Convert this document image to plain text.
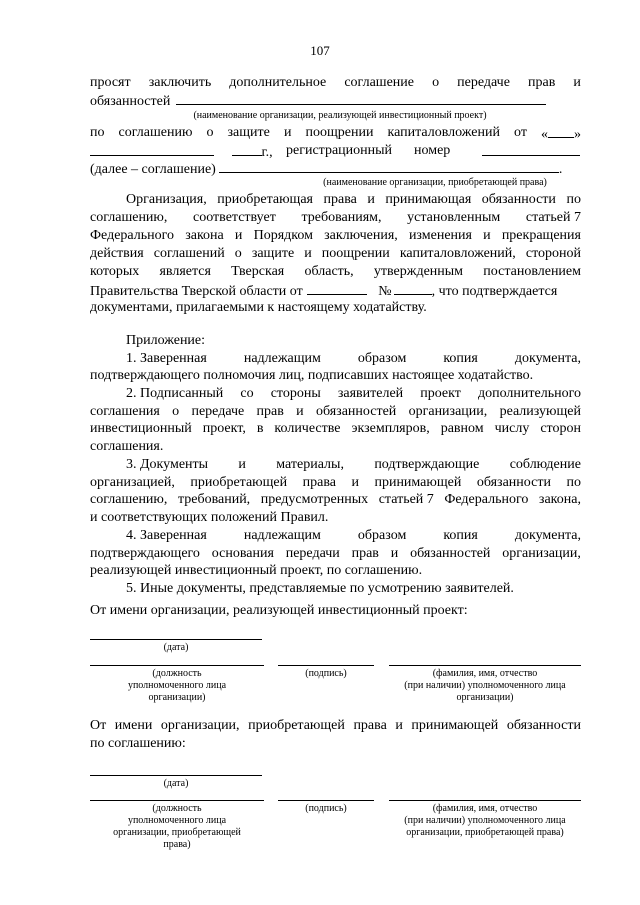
107
просят заключить дополнительное соглашение о передаче прав и
обязанностей
(наименование организации, реализующей инвестиционный проект)
по соглашению о защите и поощрении капиталовложений от « »
г., регистрационный номер
(далее – соглашение)	.
(наименование организации, приобретающей права)
Организация, приобретающая права и принимающая обязанности по
соглашению, соответствует требованиям, установленным статьей 7
Федерального закона и Порядком заключения, изменения и прекращения
действия соглашений о защите и поощрении капиталовложений, стороной
которых является Тверская область, утвержденным постановлением
Правительства Тверской области от	№	, что подтверждается
документами, прилагаемыми к настоящему ходатайству.
Приложение:
1. Заверенная	надлежащим	образом	копия	документа,
подтверждающего полномочия лиц, подписавших настоящее ходатайство.
2. Подписанный со стороны заявителей проект дополнительного
соглашения о передаче прав и обязанностей организации, реализующей
инвестиционный проект, в количестве экземпляров, равном числу сторон
соглашения.
3. Документы и материалы, подтверждающие соблюдение
организацией, приобретающей права и принимающей обязанности по
соглашению, требований, предусмотренных статьей 7 Федерального закона,
и соответствующих положений Правил.
4. Заверенная	надлежащим	образом	копия	документа,
подтверждающего основания передачи прав и обязанностей организации,
реализующей инвестиционный проект, по соглашению.
5. Иные документы, представляемые по усмотрению заявителей.
От имени организации, реализующей инвестиционный проект:
(дата)
(должность
уполномоченного лица
организации)
(подпись)	(фамилия, имя, отчество
(при наличии) уполномоченного лица
организации)
От имени организации, приобретающей права и принимающей обязанности
по соглашению:
(дата)
(должность
уполномоченного лица
организации, приобретающей
права)
(подпись)	(фамилия, имя, отчество
(при наличии) уполномоченного лица
организации, приобретающей права)
